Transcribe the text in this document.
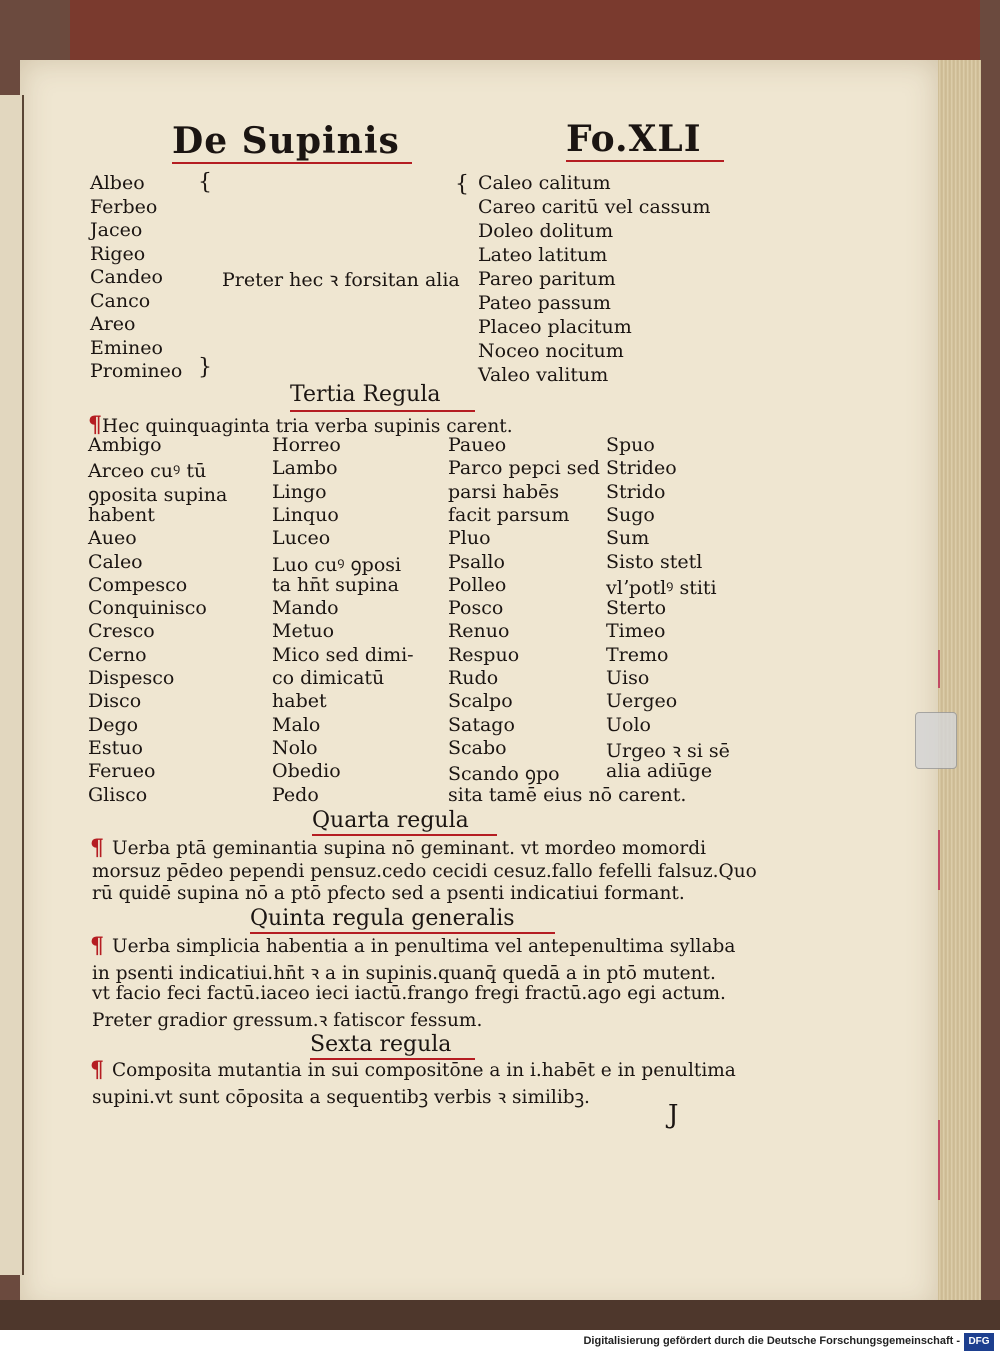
De Supinis	Fo.XLI
Albeo
Ferbeo
Jaceo
Rigeo
Candeo
Canco
Areo
Emineo
Promineo
{
}
Preter hec ꝛ forsitan alia
{ Caleo calitum
Careo caritū vel cassum
Doleo dolitum
Lateo latitum
Pareo paritum
Pateo passum
Placeo placitum
Noceo nocitum
Valeo valitum
Tertia Regula
¶Hec quinquaginta tria verba supinis carent.
Ambigo
Arceo cuꝰ tū
ꝯposita supina
habent
Aueo
Caleo
Compesco
Conquinisco
Cresco
Cerno
Dispesco
Disco
Dego
Estuo
Ferueo
Glisco
Horreo
Lambo
Lingo
Linquo
Luceo
Luo cuꝰ ꝯposi
ta hn̄t supina
Mando
Metuo
Mico sed dimi-
co dimicatū
habet
Malo
Nolo
Obedio
Pedo
Paueo
Parco pepci sed
parsi habēs
facit parsum
Pluo
Psallo
Polleo
Posco
Renuo
Respuo
Rudo
Scalpo
Satago
Scabo
Scando ꝯpo
sita tamē eius nō carent.
Spuo
Strideo
Strido
Sugo
Sum
Sisto stetl
vlʼpotlꝰ stiti
Sterto
Timeo
Tremo
Uiso
Uergeo
Uolo
Urgeo ꝛ si sē
alia adiūge
Quarta regula
Uerba ptā geminantia supina nō geminant. vt mordeo momordi
morsuz pēdeo pependi pensuz.cedo cecidi cesuz.fallo fefelli falsuz.Quo
rū quidē supina nō a ptō pfecto sed a psenti indicatiui formant.
¶
Quinta regula generalis
Uerba simplicia habentia a in penultima vel antepenultima syllaba
in psenti indicatiui.hn̄t ꝛ a in supinis.quanq̄ quedā a in ptō mutent.
vt facio feci factū.iaceo ieci iactū.frango fregi fractū.ago egi actum.
Preter gradior gressum.ꝛ fatiscor fessum.
¶
Sexta regula
Composita mutantia in sui compositōne a in i.habēt e in penultima
supini.vt sunt cōposita a sequentibꝫ verbis ꝛ similibꝫ.
¶
J
Digitalisierung gefördert durch die Deutsche Forschungsgemeinschaft - DFG
